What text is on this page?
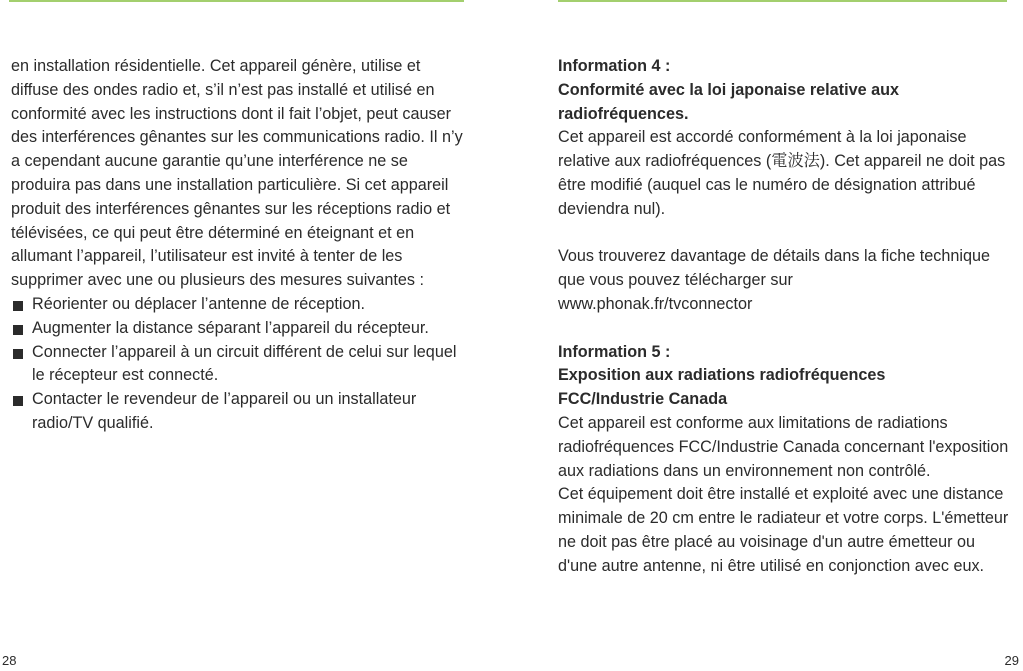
en installation résidentielle. Cet appareil génère, utilise et diffuse des ondes radio et, s’il n’est pas installé et utilisé en conformité avec les instructions dont il fait l’objet, peut causer des interférences gênantes sur les communications radio. Il n’y a cependant aucune garantie qu’une interférence ne se produira pas dans une installation particulière. Si cet appareil produit des interférences gênantes sur les réceptions radio et télévisées, ce qui peut être déterminé en éteignant et en allumant l’appareil, l’utilisateur est invité à tenter de les supprimer avec une ou plusieurs des mesures suivantes :

Réorienter ou déplacer l’antenne de réception.
Augmenter la distance séparant l’appareil du récepteur.
Connecter l’appareil à un circuit différent de celui sur lequel le récepteur est connecté.
Contacter le revendeur de l’appareil ou un installateur radio/TV qualifié.

Information 4 :
Conformité avec la loi japonaise relative aux radiofréquences.

Cet appareil est accordé conformément à la loi japonaise relative aux radiofréquences (電波法). Cet appareil ne doit pas être modifié (auquel cas le numéro de désignation attribué deviendra nul).

Vous trouverez davantage de détails dans la fiche technique que vous pouvez télécharger sur
www.phonak.fr/tvconnector

Information 5 :
Exposition aux radiations radiofréquences
FCC/Industrie Canada

Cet appareil est conforme aux limitations de radiations radiofréquences FCC/Industrie Canada concernant l'exposition aux radiations dans un environnement non contrôlé.

Cet équipement doit être installé et exploité avec une distance minimale de 20 cm entre le radiateur et votre corps. L'émetteur ne doit pas être placé au voisinage d'un autre émetteur ou d'une autre antenne, ni être utilisé en conjonction avec eux.

28	29
